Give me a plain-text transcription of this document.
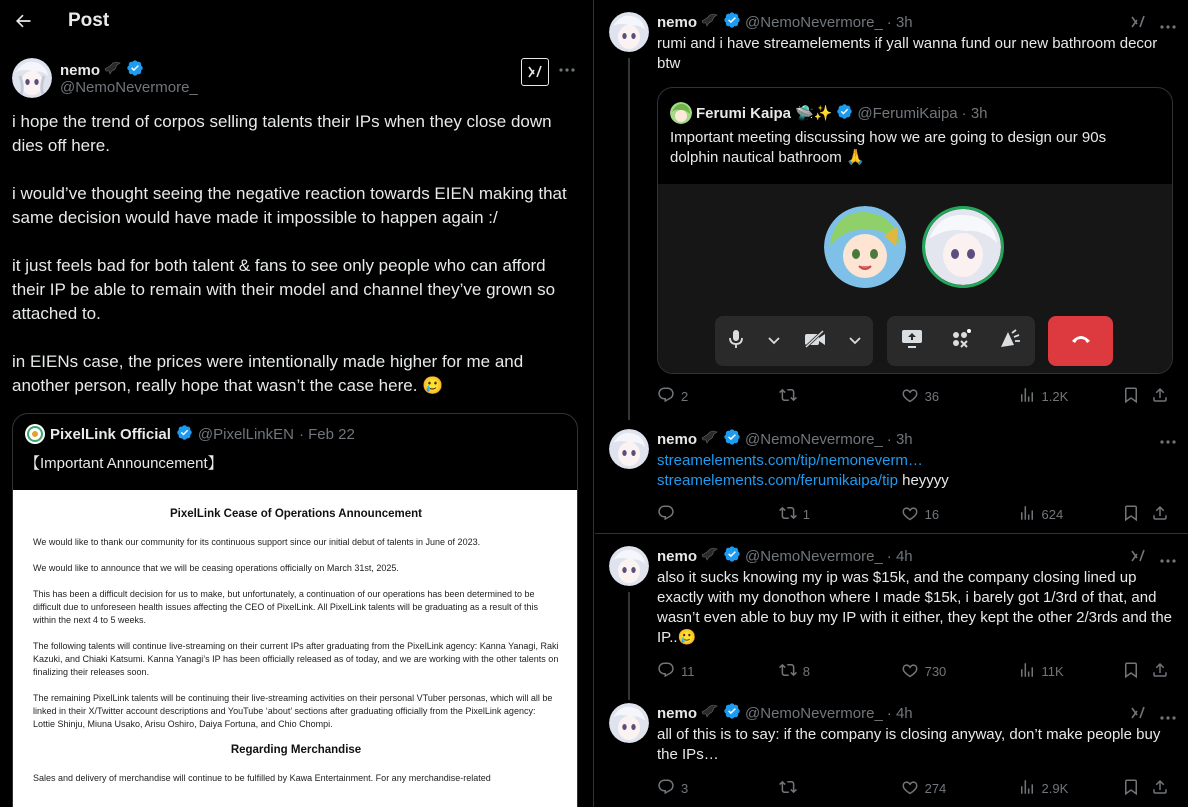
Post
nemo
@NemoNevermore_

i hope the trend of corpos selling talents their IPs when they close down dies off here.

i would’ve thought seeing the negative reaction towards EIEN making that same decision would have made it impossible to happen again :/

it just feels bad for both talent & fans to see only people who can afford their IP be able to remain with their model and channel they’ve grown so attached to.

in EIENs case, the prices were intentionally made higher for me and another person, really hope that wasn’t the case here. 🥲

PixelLink Official @PixelLinkEN · Feb 22
【Important Announcement】
PixelLink Cease of Operations Announcement

We would like to thank our community for its continuous support since our initial debut of talents in June of 2023.

We would like to announce that we will be ceasing operations officially on March 31st, 2025.

This has been a difficult decision for us to make, but unfortunately, a continuation of our operations has been determined to be difficult due to unforeseen health issues affecting the CEO of PixelLink. All PixelLink talents will be graduating as a result of this within the next 4 to 5 weeks.

The following talents will continue live-streaming on their current IPs after graduating from the PixelLink agency: Kanna Yanagi, Raki Kazuki, and Chiaki Katsumi. Kanna Yanagi’s IP has been officially released as of today, and we are working with the other talents on finalizing their releases soon.

The remaining PixelLink talents will be continuing their live-streaming activities on their personal VTuber personas, which will all be linked in their X/Twitter account descriptions and YouTube ‘about’ sections after graduating officially from the PixelLink agency: Lottie Shinju, Miuna Usako, Arisu Oshiro, Daiya Fortuna, and Chio Chompi.

Regarding Merchandise

Sales and delivery of merchandise will continue to be fulfilled by Kawa Entertainment. For any merchandise-related

nemo	@NemoNevermore_ · 3h
rumi and i have streamelements if yall wanna fund our new bathroom decor btw
Ferumi Kaipa 🛸✨ @FerumiKaipa · 3h
Important meeting discussing how we are going to design our 90s dolphin nautical bathroom 🙏
2	36	1.2K
nemo	@NemoNevermore_ · 3h
streamelements.com/tip/nemoneverm…
streamelements.com/ferumikaipa/tip heyyyy
1	16	624
nemo	@NemoNevermore_ · 4h
also it sucks knowing my ip was $15k, and the company closing lined up exactly with my donothon where I made $15k, i barely got 1/3rd of that, and wasn’t even able to buy my IP with it either, they kept the other 2/3rds and the IP..🥲
11	8	730	11K
nemo	@NemoNevermore_ · 4h
all of this is to say: if the company is closing anyway, don’t make people buy the IPs…
3	274	2.9K
